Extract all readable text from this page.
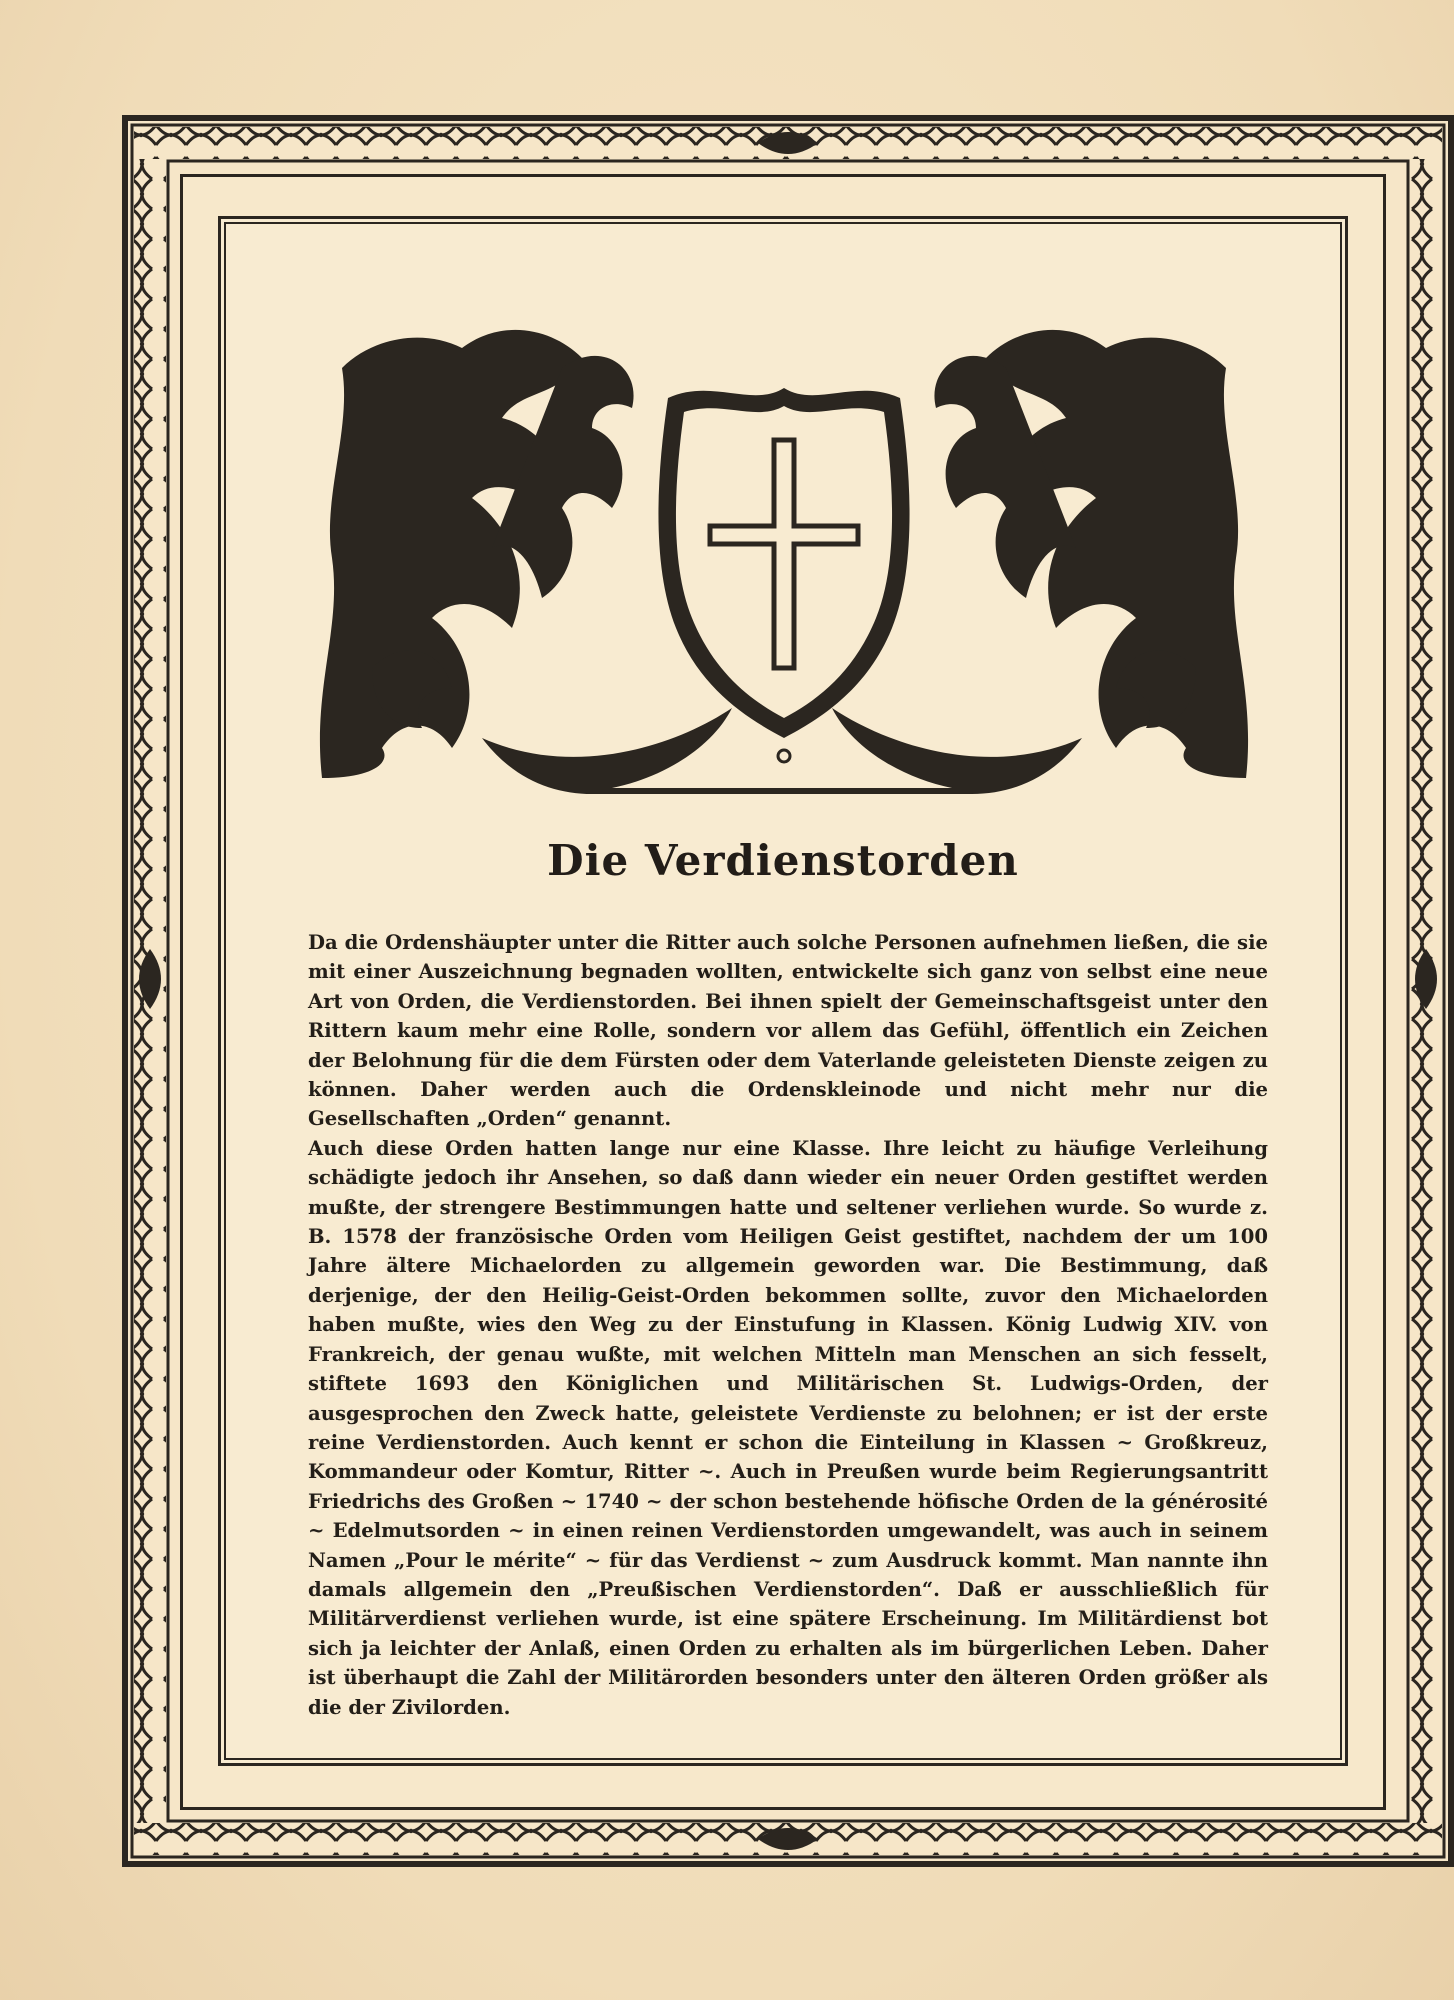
Die Verdienstorden

Da die Ordenshäupter unter die Ritter auch solche Personen aufnehmen ließen, die sie mit einer Auszeichnung begnaden wollten, entwickelte sich ganz von selbst eine neue Art von Orden, die Verdienstorden. Bei ihnen spielt der Gemeinschaftsgeist unter den Rittern kaum mehr eine Rolle, sondern vor allem das Gefühl, öffentlich ein Zeichen der Belohnung für die dem Fürsten oder dem Vaterlande geleisteten Dienste zeigen zu können. Daher werden auch die Ordenskleinode und nicht mehr nur die Gesellschaften „Orden“ genannt.

Auch diese Orden hatten lange nur eine Klasse. Ihre leicht zu häufige Verleihung schädigte jedoch ihr Ansehen, so daß dann wieder ein neuer Orden gestiftet werden mußte, der strengere Bestimmungen hatte und seltener verliehen wurde. So wurde z. B. 1578 der französische Orden vom Heiligen Geist gestiftet, nachdem der um 100 Jahre ältere Michaelorden zu allgemein geworden war. Die Bestimmung, daß derjenige, der den Heilig-Geist-Orden bekommen sollte, zuvor den Michaelorden haben mußte, wies den Weg zu der Einstufung in Klassen. König Ludwig XIV. von Frankreich, der genau wußte, mit welchen Mitteln man Menschen an sich fesselt, stiftete 1693 den Königlichen und Militärischen St. Ludwigs-Orden, der ausgesprochen den Zweck hatte, geleistete Verdienste zu belohnen; er ist der erste reine Verdienstorden. Auch kennt er schon die Einteilung in Klassen ~ Großkreuz, Kommandeur oder Komtur, Ritter ~. Auch in Preußen wurde beim Regierungsantritt Friedrichs des Großen ~ 1740 ~ der schon bestehende höfische Orden de la générosité ~ Edelmutsorden ~ in einen reinen Verdienstorden umgewandelt, was auch in seinem Namen „Pour le mérite“ ~ für das Verdienst ~ zum Ausdruck kommt. Man nannte ihn damals allgemein den „Preußischen Verdienstorden“. Daß er ausschließlich für Militärverdienst verliehen wurde, ist eine spätere Erscheinung. Im Militärdienst bot sich ja leichter der Anlaß, einen Orden zu erhalten als im bürgerlichen Leben. Daher ist überhaupt die Zahl der Militärorden besonders unter den älteren Orden größer als die der Zivilorden.
